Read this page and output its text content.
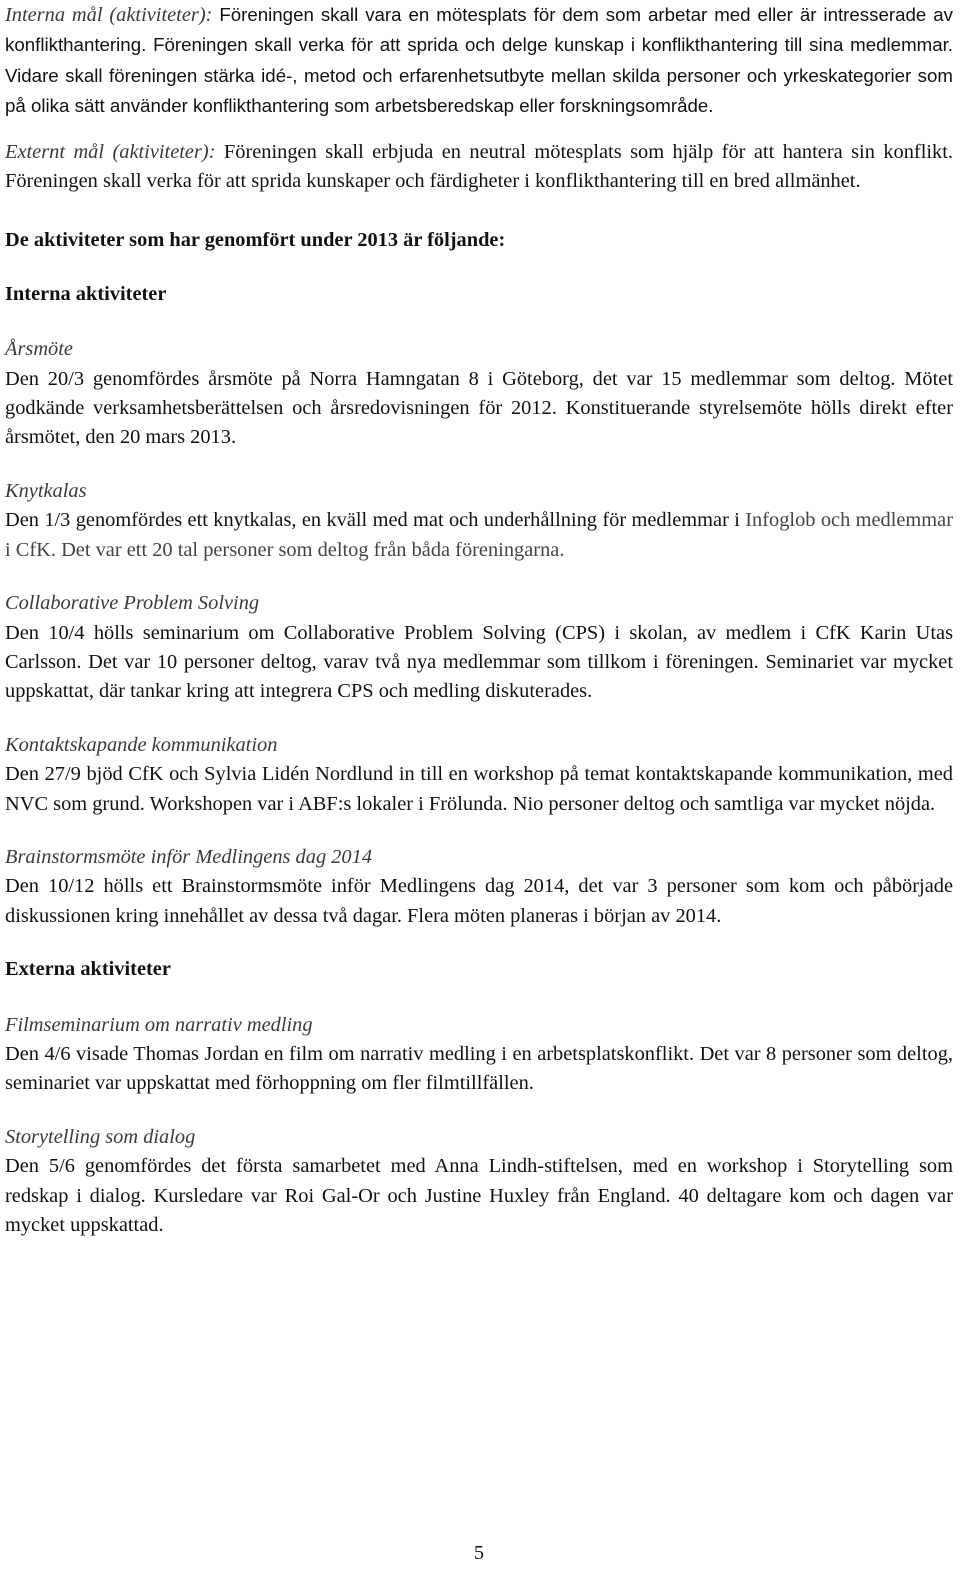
Interna mål (aktiviteter): Föreningen skall vara en mötesplats för dem som arbetar med eller är intresserade av konflikthantering. Föreningen skall verka för att sprida och delge kunskap i konflikthantering till sina medlemmar. Vidare skall föreningen stärka idé-, metod och erfarenhetsutbyte mellan skilda personer och yrkeskategorier som på olika sätt använder konflikthantering som arbetsberedskap eller forskningsområde.

Externt mål (aktiviteter): Föreningen skall erbjuda en neutral mötesplats som hjälp för att hantera sin konflikt. Föreningen skall verka för att sprida kunskaper och färdigheter i konflikthantering till en bred allmänhet.

De aktiviteter som har genomfört under 2013 är följande:
Interna aktiviteter
Årsmöte

Den 20/3 genomfördes årsmöte på Norra Hamngatan 8 i Göteborg, det var 15 medlemmar som deltog. Mötet godkände verksamhetsberättelsen och årsredovisningen för 2012. Konstituerande styrelsemöte hölls direkt efter årsmötet, den 20 mars 2013.

Knytkalas

Den 1/3 genomfördes ett knytkalas, en kväll med mat och underhållning för medlemmar i Infoglob och medlemmar i CfK. Det var ett 20 tal personer som deltog från båda föreningarna.

Collaborative Problem Solving

Den 10/4 hölls seminarium om Collaborative Problem Solving (CPS) i skolan, av medlem i CfK Karin Utas Carlsson. Det var 10 personer deltog, varav två nya medlemmar som tillkom i föreningen. Seminariet var mycket uppskattat, där tankar kring att integrera CPS och medling diskuterades.

Kontaktskapande kommunikation

Den 27/9 bjöd CfK och Sylvia Lidén Nordlund in till en workshop på temat kontaktskapande kommunikation, med NVC som grund. Workshopen var i ABF:s lokaler i Frölunda. Nio personer deltog och samtliga var mycket nöjda.

Brainstormsmöte inför Medlingens dag 2014

Den 10/12 hölls ett Brainstormsmöte inför Medlingens dag 2014, det var 3 personer som kom och påbörjade diskussionen kring innehållet av dessa två dagar. Flera möten planeras i början av 2014.

Externa aktiviteter
Filmseminarium om narrativ medling

Den 4/6 visade Thomas Jordan en film om narrativ medling i en arbetsplatskonflikt. Det var 8 personer som deltog, seminariet var uppskattat med förhoppning om fler filmtillfällen.

Storytelling som dialog

Den 5/6 genomfördes det första samarbetet med Anna Lindh-stiftelsen, med en workshop i Storytelling som redskap i dialog. Kursledare var Roi Gal-Or och Justine Huxley från England. 40 deltagare kom och dagen var mycket uppskattad.

5
